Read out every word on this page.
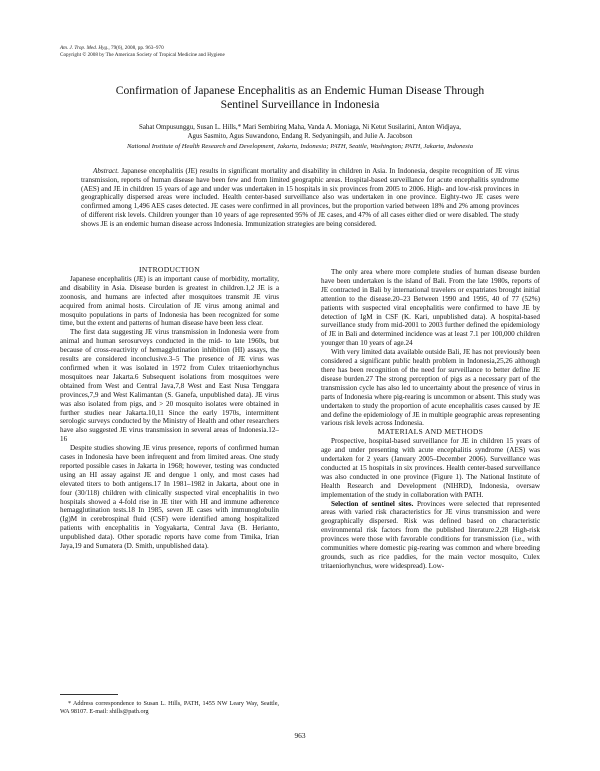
Am. J. Trop. Med. Hyg., 79(6), 2008, pp. 963–970
Copyright © 2008 by The American Society of Tropical Medicine and Hygiene
Confirmation of Japanese Encephalitis as an Endemic Human Disease Through
Sentinel Surveillance in Indonesia
Sahat Ompusunggu, Susan L. Hills,* Mari Sembiring Maha, Vanda A. Moniaga, Ni Ketut Susilarini, Anton Widjaya,
Agus Sasmito, Agus Suwandono, Endang R. Sedyaningsih, and Julie A. Jacobson
National Institute of Health Research and Development, Jakarta, Indonesia; PATH, Seattle, Washington; PATH, Jakarta, Indonesia
Abstract. Japanese encephalitis (JE) results in significant mortality and disability in children in Asia. In Indonesia, despite recognition of JE virus transmission, reports of human disease have been few and from limited geographic areas. Hospital-based surveillance for acute encephalitis syndrome (AES) and JE in children 15 years of age and under was undertaken in 15 hospitals in six provinces from 2005 to 2006. High- and low-risk provinces in geographically dispersed areas were included. Health center-based surveillance also was undertaken in one province. Eighty-two JE cases were confirmed among 1,496 AES cases detected. JE cases were confirmed in all provinces, but the proportion varied between 18% and 2% among provinces of different risk levels. Children younger than 10 years of age represented 95% of JE cases, and 47% of all cases either died or were disabled. The study shows JE is an endemic human disease across Indonesia. Immunization strategies are being considered.

INTRODUCTION

Japanese encephalitis (JE) is an important cause of morbidity, mortality, and disability in Asia. Disease burden is greatest in children.1,2 JE is a zoonosis, and humans are infected after mosquitoes transmit JE virus acquired from animal hosts. Circulation of JE virus among animal and mosquito populations in parts of Indonesia has been recognized for some time, but the extent and patterns of human disease have been less clear.

The first data suggesting JE virus transmission in Indonesia were from animal and human serosurveys conducted in the mid- to late 1960s, but because of cross-reactivity of hemagglutination inhibition (HI) assays, the results are considered inconclusive.3–5 The presence of JE virus was confirmed when it was isolated in 1972 from Culex tritaeniorhynchus mosquitoes near Jakarta.6 Subsequent isolations from mosquitoes were obtained from West and Central Java,7,8 West and East Nusa Tenggara provinces,7,9 and West Kalimantan (S. Ganefa, unpublished data). JE virus was also isolated from pigs, and > 20 mosquito isolates were obtained in further studies near Jakarta.10,11 Since the early 1970s, intermittent serologic surveys conducted by the Ministry of Health and other researchers have also suggested JE virus transmission in several areas of Indonesia.12–16

Despite studies showing JE virus presence, reports of confirmed human cases in Indonesia have been infrequent and from limited areas. One study reported possible cases in Jakarta in 1968; however, testing was conducted using an HI assay against JE and dengue 1 only, and most cases had elevated titers to both antigens.17 In 1981–1982 in Jakarta, about one in four (30/118) children with clinically suspected viral encephalitis in two hospitals showed a 4-fold rise in JE titer with HI and immune adherence hemagglutination tests.18 In 1985, seven JE cases with immunoglobulin (Ig)M in cerebrospinal fluid (CSF) were identified among hospitalized patients with encephalitis in Yogyakarta, Central Java (B. Herianto, unpublished data). Other sporadic reports have come from Timika, Irian Jaya,19 and Sumatera (D. Smith, unpublished data).

The only area where more complete studies of human disease burden have been undertaken is the island of Bali. From the late 1980s, reports of JE contracted in Bali by international travelers or expatriates brought initial attention to the disease.20–23 Between 1990 and 1995, 40 of 77 (52%) patients with suspected viral encephalitis were confirmed to have JE by detection of IgM in CSF (K. Kari, unpublished data). A hospital-based surveillance study from mid-2001 to 2003 further defined the epidemiology of JE in Bali and determined incidence was at least 7.1 per 100,000 children younger than 10 years of age.24

With very limited data available outside Bali, JE has not previously been considered a significant public health problem in Indonesia,25,26 although there has been recognition of the need for surveillance to better define JE disease burden.27 The strong perception of pigs as a necessary part of the transmission cycle has also led to uncertainty about the presence of virus in parts of Indonesia where pig-rearing is uncommon or absent. This study was undertaken to study the proportion of acute encephalitis cases caused by JE and define the epidemiology of JE in multiple geographic areas representing various risk levels across Indonesia.

MATERIALS AND METHODS

Prospective, hospital-based surveillance for JE in children 15 years of age and under presenting with acute encephalitis syndrome (AES) was undertaken for 2 years (January 2005–December 2006). Surveillance was conducted at 15 hospitals in six provinces. Health center-based surveillance was also conducted in one province (Figure 1). The National Institute of Health Research and Development (NIHRD), Indonesia, oversaw implementation of the study in collaboration with PATH.

Selection of sentinel sites. Provinces were selected that represented areas with varied risk characteristics for JE virus transmission and were geographically dispersed. Risk was defined based on characteristic environmental risk factors from the published literature.2,28 High-risk provinces were those with favorable conditions for transmission (i.e., with communities where domestic pig-rearing was common and where breeding grounds, such as rice paddies, for the main vector mosquito, Culex tritaeniorhynchus, were widespread). Low-

* Address correspondence to Susan L. Hills, PATH, 1455 NW Leary Way, Seattle, WA 98107. E-mail: shills@path.org
963
